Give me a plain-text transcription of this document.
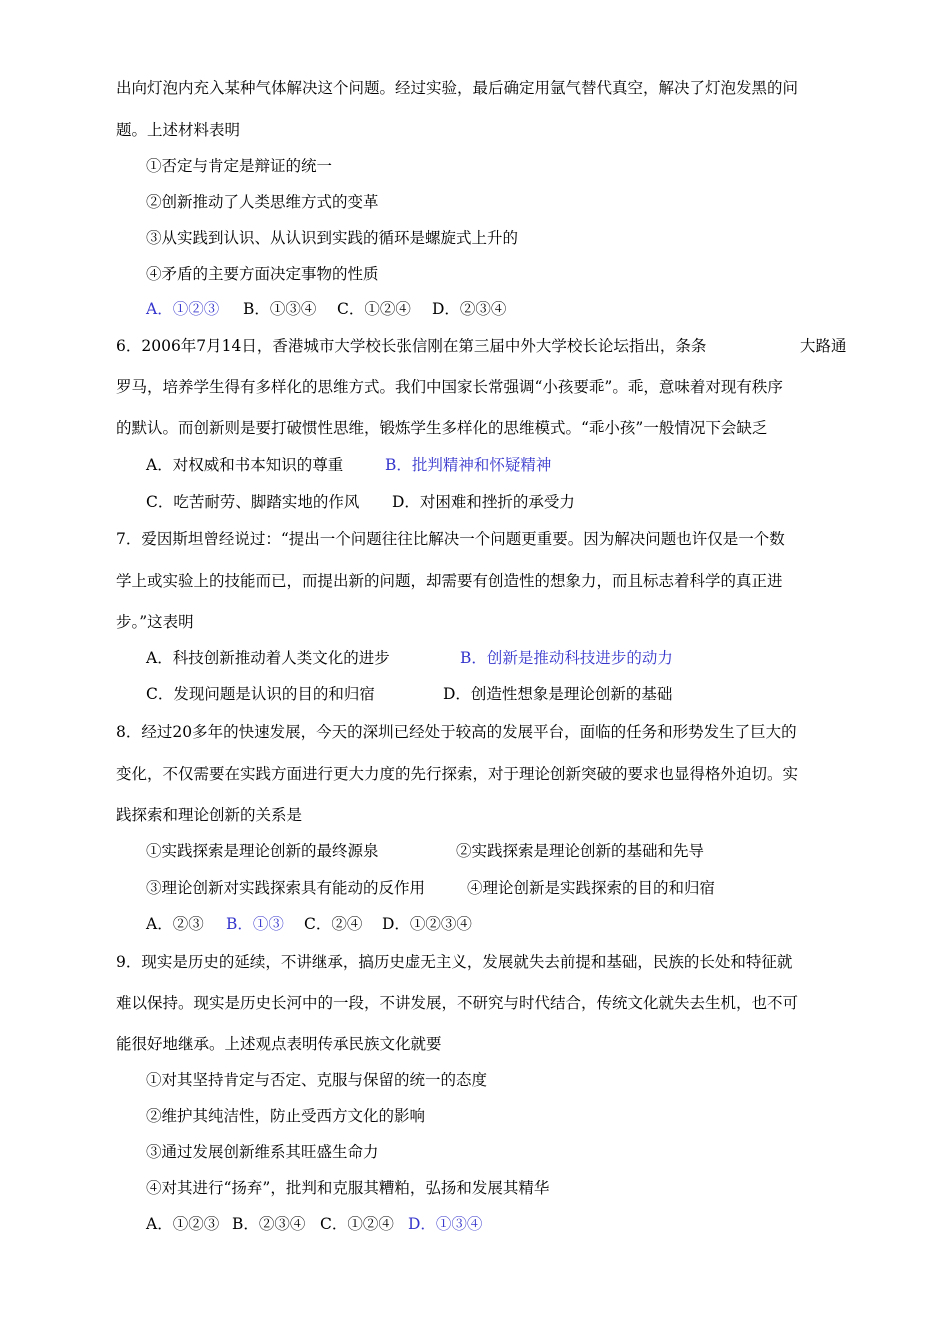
出向灯泡内充入某种气体解决这个问题。经过实验，最后确定用氩气替代真空，解决了灯泡发黑的问
题。上述材料表明
①否定与肯定是辩证的统一
②创新推动了人类思维方式的变革
③从实践到认识、从认识到实践的循环是螺旋式上升的
④矛盾的主要方面决定事物的性质
A．①②③ B．①③④ C．①②④ D．②③④
6．2006年7月14日，香港城市大学校长张信刚在第三届中外大学校长论坛指出，条条	大路通
罗马，培养学生得有多样化的思维方式。我们中国家长常强调“小孩要乖”。乖，意味着对现有秩序
的默认。而创新则是要打破惯性思维，锻炼学生多样化的思维模式。“乖小孩”一般情况下会缺乏
A．对权威和书本知识的尊重	B．批判精神和怀疑精神
C．吃苦耐劳、脚踏实地的作风 D．对困难和挫折的承受力
7．爱因斯坦曾经说过：“提出一个问题往往比解决一个问题更重要。因为解决问题也许仅是一个数
学上或实验上的技能而已，而提出新的问题，却需要有创造性的想象力，而且标志着科学的真正进
步。”这表明
A．科技创新推动着人类文化的进步	B．创新是推动科技进步的动力
C．发现问题是认识的目的和归宿	D．创造性想象是理论创新的基础
8．经过20多年的快速发展，今天的深圳已经处于较高的发展平台，面临的任务和形势发生了巨大的
变化，不仅需要在实践方面进行更大力度的先行探索，对于理论创新突破的要求也显得格外迫切。实
践探索和理论创新的关系是
①实践探索是理论创新的最终源泉	②实践探索是理论创新的基础和先导
③理论创新对实践探索具有能动的反作用	④理论创新是实践探索的目的和归宿
A．②③ B．①③ C．②④ D．①②③④
9．现实是历史的延续，不讲继承，搞历史虚无主义，发展就失去前提和基础，民族的长处和特征就
难以保持。现实是历史长河中的一段，不讲发展，不研究与时代结合，传统文化就失去生机，也不可
能很好地继承。上述观点表明传承民族文化就要
①对其坚持肯定与否定、克服与保留的统一的态度
②维护其纯洁性，防止受西方文化的影响
③通过发展创新维系其旺盛生命力
④对其进行“扬弃”，批判和克服其糟粕，弘扬和发展其精华
A．①②③ B．②③④ C．①②④ D．①③④
